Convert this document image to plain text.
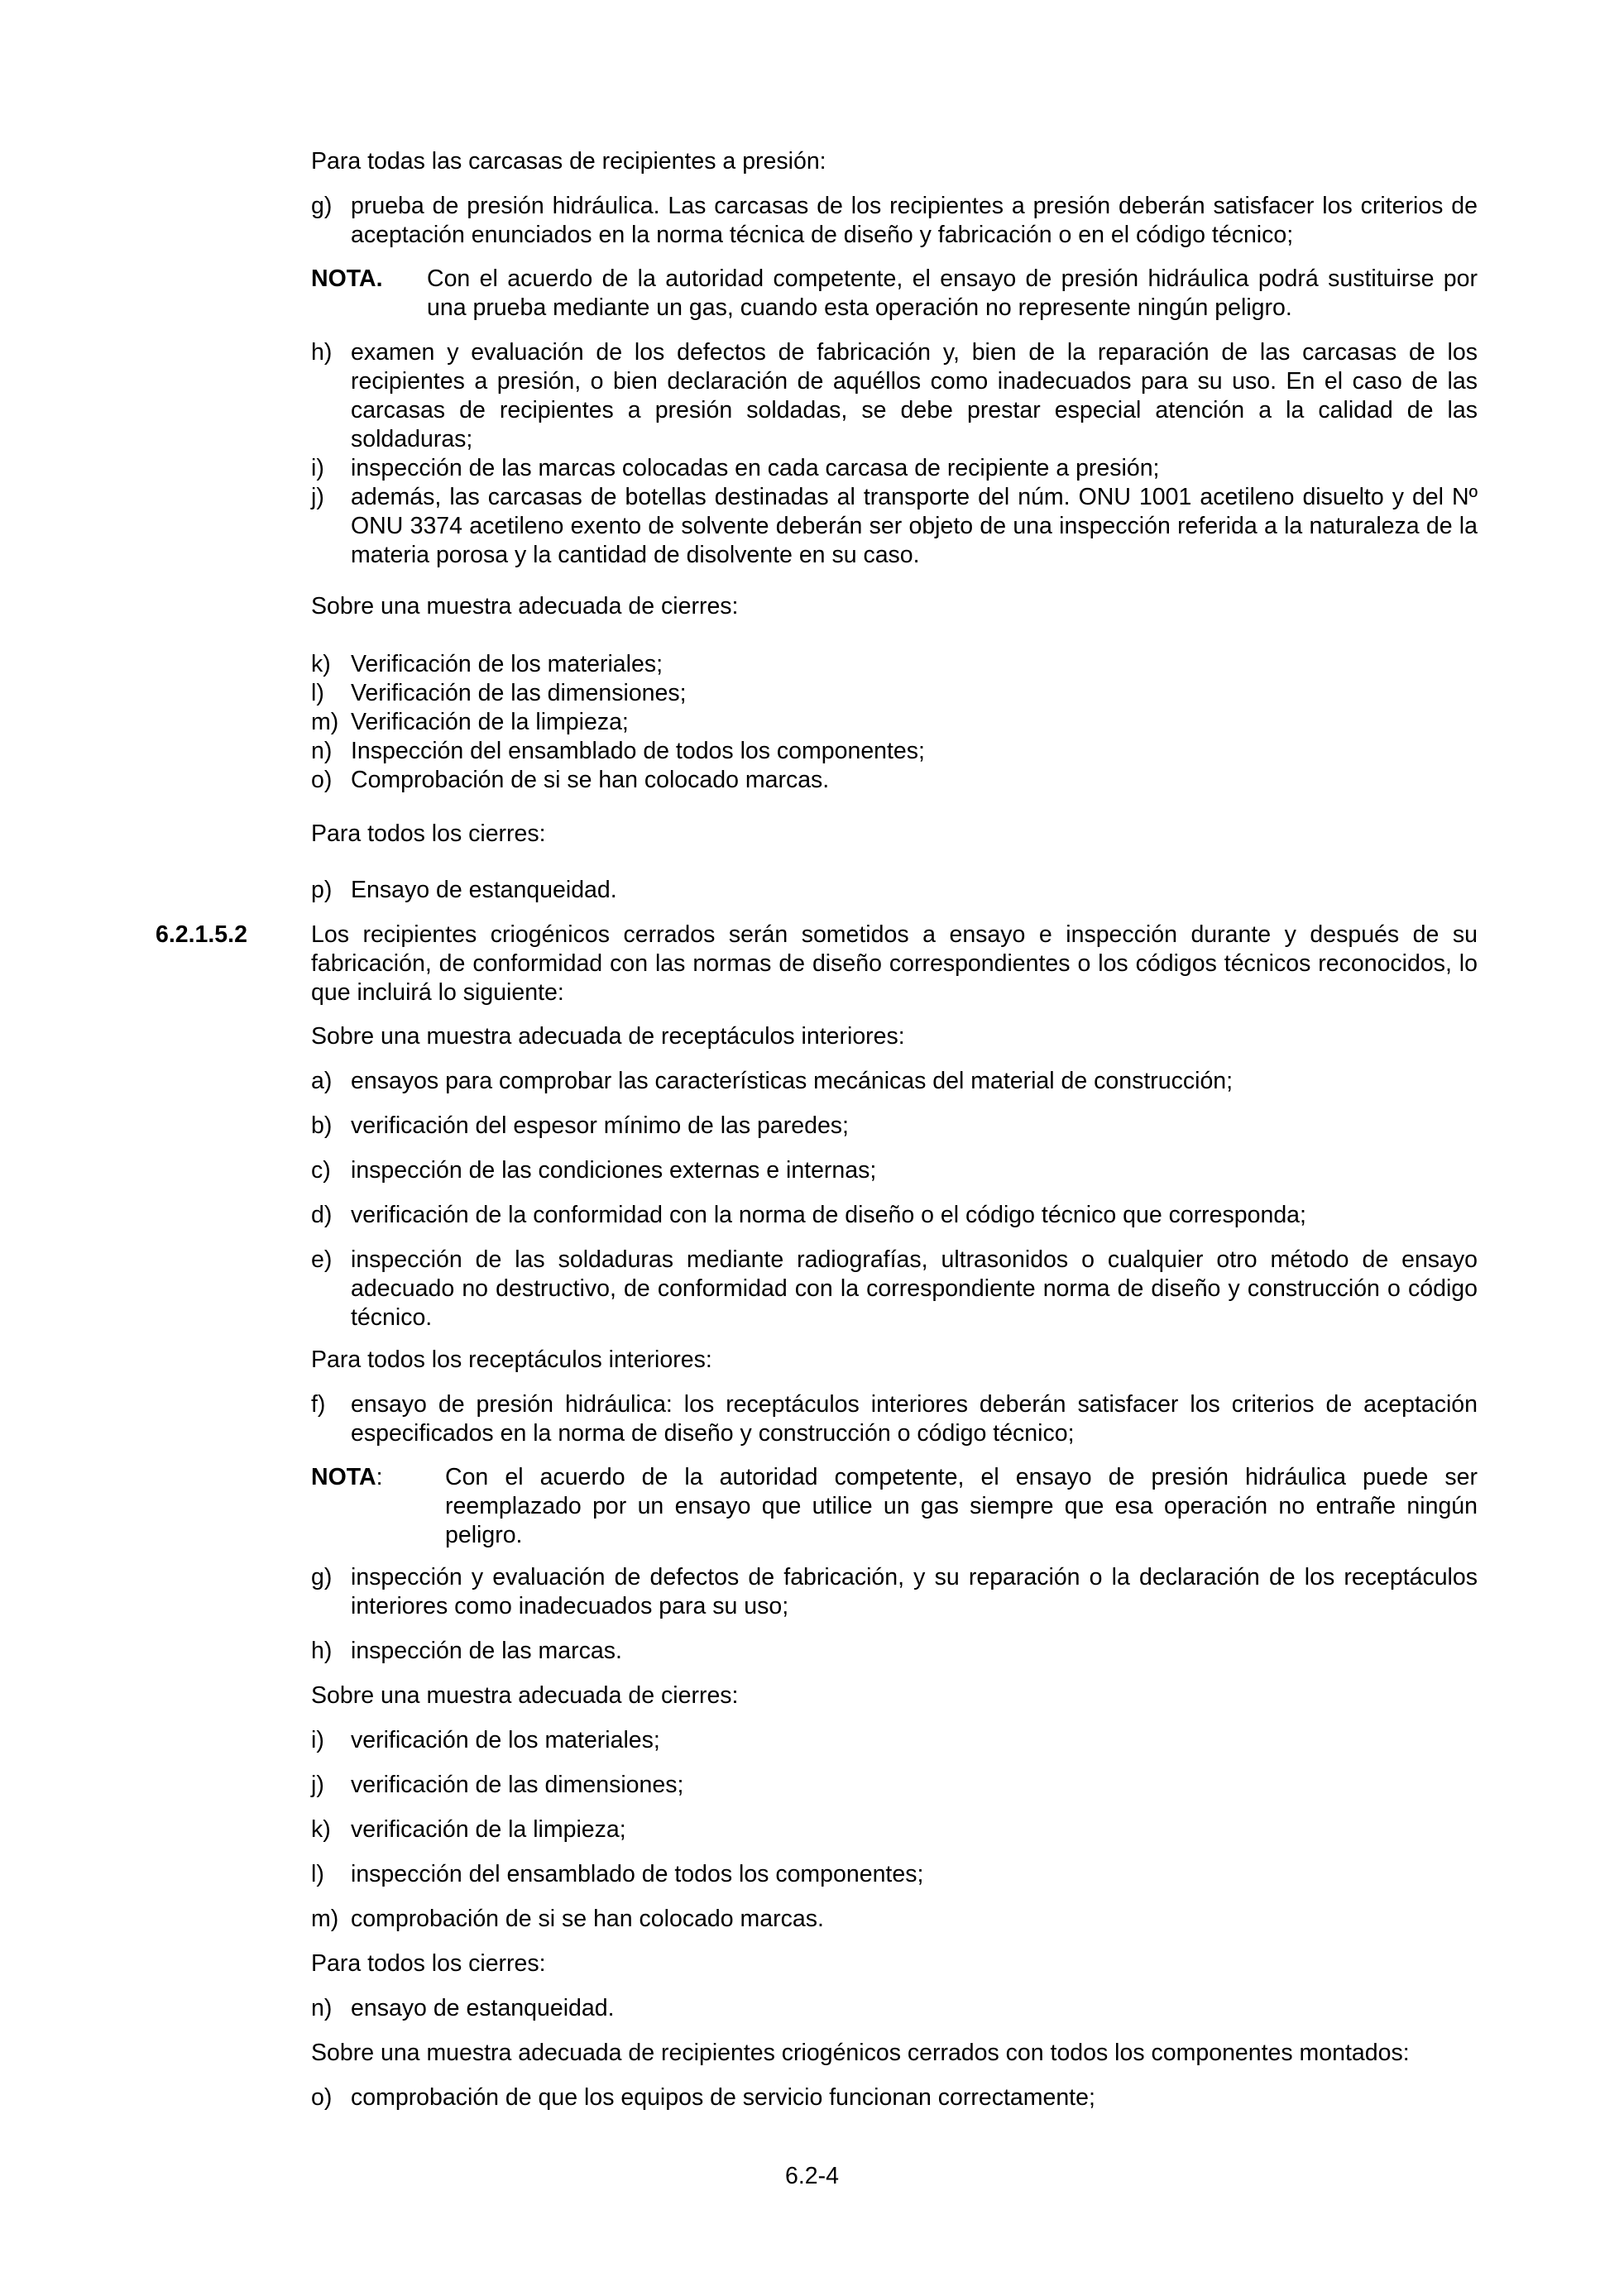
Para todas las carcasas de recipientes a presión:

g) prueba de presión hidráulica. Las carcasas de los recipientes a presión deberán satisfacer los criterios de aceptación enunciados en la norma técnica de diseño y fabricación o en el código técnico;
NOTA.	Con el acuerdo de la autoridad competente, el ensayo de presión hidráulica podrá sustituirse por una prueba mediante un gas, cuando esta operación no represente ningún peligro.
h) examen y evaluación de los defectos de fabricación y, bien de la reparación de las carcasas de los recipientes a presión, o bien declaración de aquéllos como inadecuados para su uso. En el caso de las carcasas de recipientes a presión soldadas, se debe prestar especial atención a la calidad de las soldaduras;
i)	inspección de las marcas colocadas en cada carcasa de recipiente a presión;
j)	además, las carcasas de botellas destinadas al transporte del núm. ONU 1001 acetileno disuelto y del Nº ONU 3374 acetileno exento de solvente deberán ser objeto de una inspección referida a la naturaleza de la materia porosa y la cantidad de disolvente en su caso.

Sobre una muestra adecuada de cierres:

k) Verificación de los materiales;
l)	Verificación de las dimensiones;
m) Verificación de la limpieza;
n) Inspección del ensamblado de todos los componentes;
o) Comprobación de si se han colocado marcas.

Para todos los cierres:

p) Ensayo de estanqueidad.
6.2.1.5.2	Los recipientes criogénicos cerrados serán sometidos a ensayo e inspección durante y después de su fabricación, de conformidad con las normas de diseño correspondientes o los códigos técnicos reconocidos, lo que incluirá lo siguiente:

Sobre una muestra adecuada de receptáculos interiores:

a) ensayos para comprobar las características mecánicas del material de construcción;
b) verificación del espesor mínimo de las paredes;
c) inspección de las condiciones externas e internas;
d) verificación de la conformidad con la norma de diseño o el código técnico que corresponda;
e) inspección de las soldaduras mediante radiografías, ultrasonidos o cualquier otro método de ensayo adecuado no destructivo, de conformidad con la correspondiente norma de diseño y construcción o código técnico.

Para todos los receptáculos interiores:

f)	ensayo de presión hidráulica: los receptáculos interiores deberán satisfacer los criterios de aceptación especificados en la norma de diseño y construcción o código técnico;
NOTA:	Con el acuerdo de la autoridad competente, el ensayo de presión hidráulica puede ser reemplazado por un ensayo que utilice un gas siempre que esa operación no entrañe ningún peligro.
g) inspección y evaluación de defectos de fabricación, y su reparación o la declaración de los receptáculos interiores como inadecuados para su uso;
h) inspección de las marcas.

Sobre una muestra adecuada de cierres:

i)	verificación de los materiales;
j)	verificación de las dimensiones;
k) verificación de la limpieza;
l)	inspección del ensamblado de todos los componentes;
m) comprobación de si se han colocado marcas.

Para todos los cierres:

n) ensayo de estanqueidad.

Sobre una muestra adecuada de recipientes criogénicos cerrados con todos los componentes montados:

o) comprobación de que los equipos de servicio funcionan correctamente;
6.2-4
